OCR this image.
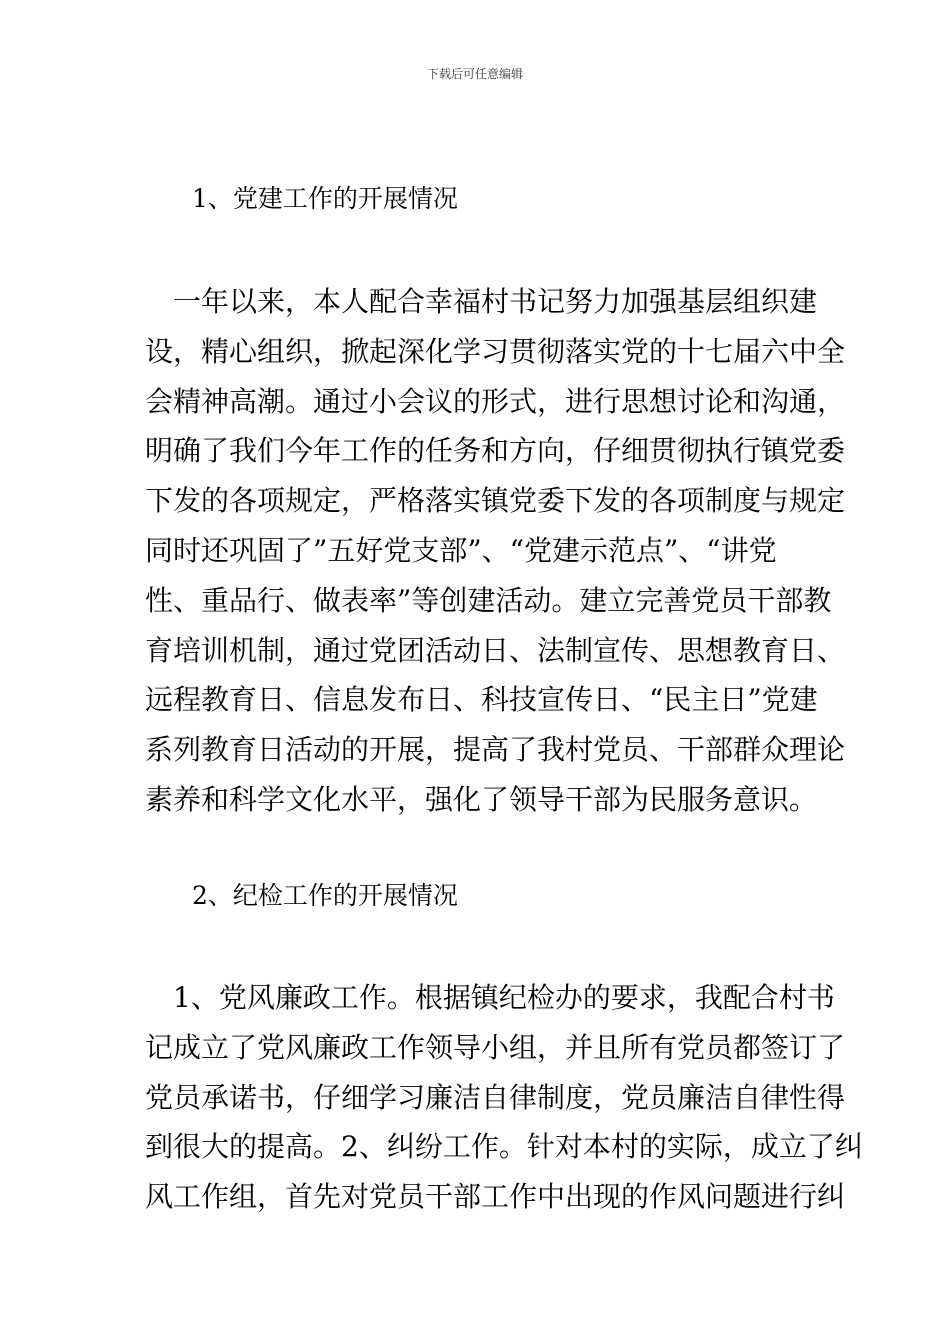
下载后可任意编辑
1、党建工作的开展情况
　一年以来，本人配合幸福村书记努力加强基层组织建
设，精心组织，掀起深化学习贯彻落实党的十七届六中全
会精神高潮。通过小会议的形式，进行思想讨论和沟通，
明确了我们今年工作的任务和方向，仔细贯彻执行镇党委
下发的各项规定，严格落实镇党委下发的各项制度与规定
同时还巩固了”五好党支部”、“党建示范点”、“讲党
性、重品行、做表率”等创建活动。建立完善党员干部教
育培训机制，通过党团活动日、法制宣传、思想教育日、
远程教育日、信息发布日、科技宣传日、“民主日”党建
系列教育日活动的开展，提高了我村党员、干部群众理论
素养和科学文化水平，强化了领导干部为民服务意识。
2、纪检工作的开展情况
　1、党风廉政工作。根据镇纪检办的要求，我配合村书
记成立了党风廉政工作领导小组，并且所有党员都签订了
党员承诺书，仔细学习廉洁自律制度，党员廉洁自律性得
到很大的提高。2、纠纷工作。针对本村的实际，成立了纠
风工作组，首先对党员干部工作中出现的作风问题进行纠
